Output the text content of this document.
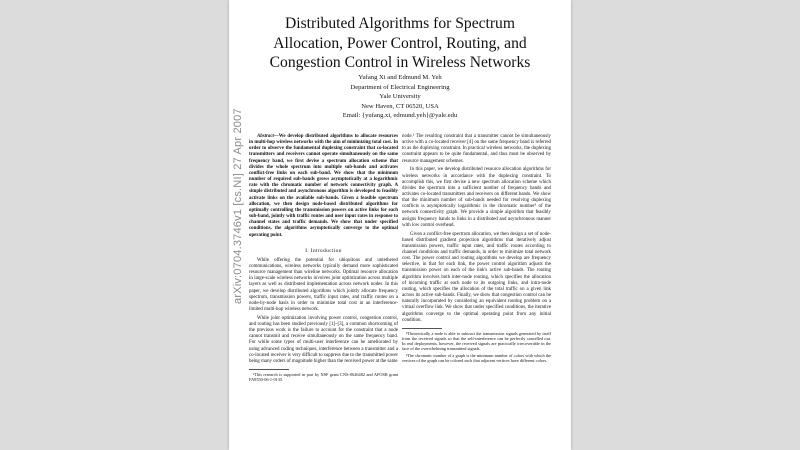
arXiv:0704.3746v1 [cs.NI] 27 Apr 2007
Distributed Algorithms for Spectrum Allocation, Power Control, Routing, and Congestion Control in Wireless Networks
Yufang Xi and Edmund M. Yeh
Department of Electrical Engineering
Yale University
New Haven, CT 06520, USA
Email: {yufang.xi, edmund.yeh}@yale.edu

Abstract—We develop distributed algorithms to allocate resources in multi-hop wireless networks with the aim of minimizing total cost. In order to observe the fundamental duplexing constraint that co-located transmitters and receivers cannot operate simultaneously on the same frequency band, we first devise a spectrum allocation scheme that divides the whole spectrum into multiple sub-bands and activates conflict-free links on each sub-band. We show that the minimum number of required sub-bands grows asymptotically at a logarithmic rate with the chromatic number of network connectivity graph. A simple distributed and asynchronous algorithm is developed to feasibly activate links on the available sub-bands. Given a feasible spectrum allocation, we then design node-based distributed algorithms for optimally controlling the transmission powers on active links for each sub-band, jointly with traffic routes and user input rates in response to channel states and traffic demands. We show that under specified conditions, the algorithms asymptotically converge to the optimal operating point.

I. Introduction

While offering the potential for ubiquitous and untethered communications, wireless networks typically demand more sophisticated resource management than wireline networks. Optimal resource allocation in large-scale wireless networks involves joint optimization across multiple layers as well as distributed implementation across network nodes. In this paper, we develop distributed algorithms which jointly allocate frequency spectrum, transmission powers, traffic input rates, and traffic routes on a node-by-node basis in order to minimize total cost in an interference-limited multi-hop wireless network.

While joint optimization involving power control, congestion control, and routing has been studied previously [1]–[3], a common shortcoming of the previous work is the failure to account for the constraint that a node cannot transmit and receive simultaneously on the same frequency band. For while some types of multi-user interference can be ameliorated by using advanced coding techniques, interference between a transmitter and a co-located receiver is very difficult to suppress due to the transmitted power being many orders of magnitude higher than the received power at the same

¹This research is supported in part by NSF grant CNS-0626482 and AFOSR grant FA9550-06-1-0135.

node.² The resulting constraint that a transmitter cannot be simultaneously active with a co-located receiver [4] on the same frequency band is referred to as the duplexing constraint. In practical wireless networks, the duplexing constraint appears to be quite fundamental, and thus must be observed by resource management schemes.

In this paper, we develop distributed resource allocation algorithms for wireless networks in accordance with the duplexing constraint. To accomplish this, we first devise a new spectrum allocation scheme which divides the spectrum into a sufficient number of frequency bands and activates co-located transmitters and receivers on different bands. We show that the minimum number of sub-bands needed for resolving duplexing conflicts is asymptotically logarithmic in the chromatic number³ of the network connectivity graph. We provide a simple algorithm that feasibly assigns frequency bands to links in a distributed and asynchronous manner with low control overhead.

Given a conflict-free spectrum allocation, we then design a set of node-based distributed gradient projection algorithms that iteratively adjust transmission powers, traffic input rates, and traffic routes according to channel conditions and traffic demands, in order to minimize total network cost. The power control and routing algorithms we develop are frequency selective, in that for each link, the power control algorithm adjusts the transmission power on each of the link's active sub-bands. The routing algorithm involves both inter-node routing, which specifies the allocation of incoming traffic at each node to its outgoing links, and intra-node routing, which specifies the allocation of the total traffic on a given link across its active sub-bands. Finally, we show that congestion control can be naturally incorporated by considering an equivalent routing problem on a virtual overflow link. We show that under specified conditions, the iterative algorithms converge to the optimal operating point from any initial condition.

²Theoretically a node is able to subtract the transmission signals generated by itself from the received signals so that the self-interference can be perfectly cancelled out. In real deployments, however, the received signals are practically irrecoverable in the face of the overwhelming transmitted signals.

³The chromatic number of a graph is the minimum number of colors with which the vertices of the graph can be colored such that adjacent vertices have different colors.
